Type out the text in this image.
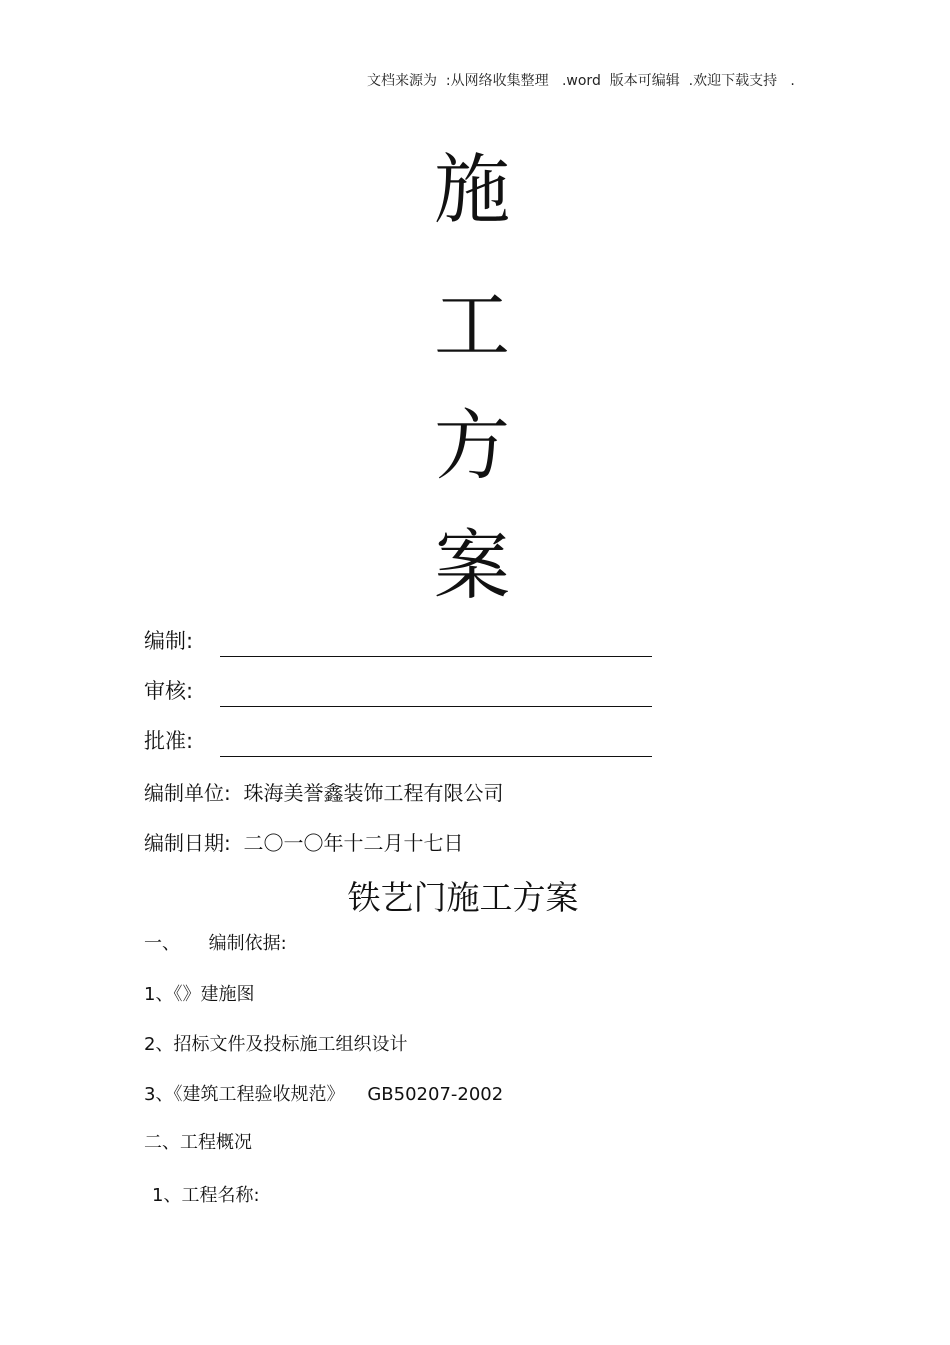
文档来源为  :从网络收集整理   .word  版本可编辑  .欢迎下载支持   .
施
工
方
案
编制:
审核:
批准:
编制单位:  珠海美誉鑫装饰工程有限公司
编制日期:  二〇一〇年十二月十七日
铁艺门施工方案
一、     编制依据:
1、《》建施图
2、招标文件及投标施工组织设计
3、《建筑工程验收规范》    GB50207-2002
二、工程概况
1、工程名称:
